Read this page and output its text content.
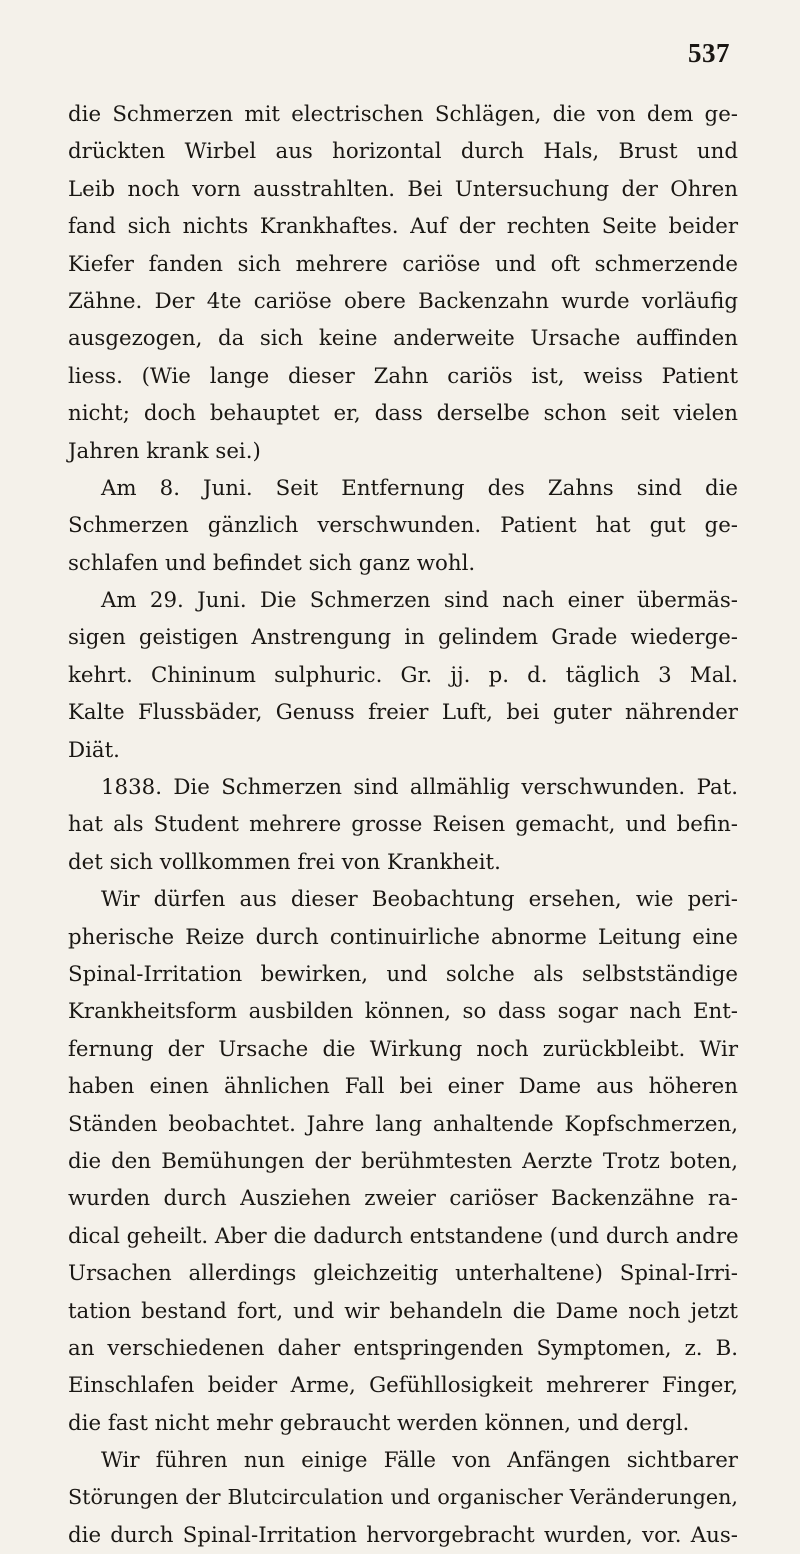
537
die Schmerzen mit electrischen Schlägen, die von dem ge-
drückten Wirbel aus horizontal durch Hals, Brust und
Leib noch vorn ausstrahlten. Bei Untersuchung der Ohren
fand sich nichts Krankhaftes. Auf der rechten Seite beider
Kiefer fanden sich mehrere cariöse und oft schmerzende
Zähne. Der 4te cariöse obere Backenzahn wurde vorläufig
ausgezogen, da sich keine anderweite Ursache auffinden
liess. (Wie lange dieser Zahn cariös ist, weiss Patient
nicht; doch behauptet er, dass derselbe schon seit vielen
Jahren krank sei.)
Am 8. Juni. Seit Entfernung des Zahns sind die
Schmerzen gänzlich verschwunden. Patient hat gut ge-
schlafen und befindet sich ganz wohl.
Am 29. Juni. Die Schmerzen sind nach einer übermäs-
sigen geistigen Anstrengung in gelindem Grade wiederge-
kehrt. Chininum sulphuric. Gr. jj. p. d. täglich 3 Mal.
Kalte Flussbäder, Genuss freier Luft, bei guter nährender
Diät.
1838. Die Schmerzen sind allmählig verschwunden. Pat.
hat als Student mehrere grosse Reisen gemacht, und befin-
det sich vollkommen frei von Krankheit.
Wir dürfen aus dieser Beobachtung ersehen, wie peri-
pherische Reize durch continuirliche abnorme Leitung eine
Spinal-Irritation bewirken, und solche als selbstständige
Krankheitsform ausbilden können, so dass sogar nach Ent-
fernung der Ursache die Wirkung noch zurückbleibt. Wir
haben einen ähnlichen Fall bei einer Dame aus höheren
Ständen beobachtet. Jahre lang anhaltende Kopfschmerzen,
die den Bemühungen der berühmtesten Aerzte Trotz boten,
wurden durch Ausziehen zweier cariöser Backenzähne ra-
dical geheilt. Aber die dadurch entstandene (und durch andre
Ursachen allerdings gleichzeitig unterhaltene) Spinal-Irri-
tation bestand fort, und wir behandeln die Dame noch jetzt
an verschiedenen daher entspringenden Symptomen, z. B.
Einschlafen beider Arme, Gefühllosigkeit mehrerer Finger,
die fast nicht mehr gebraucht werden können, und dergl.
Wir führen nun einige Fälle von Anfängen sichtbarer
Störungen der Blutcirculation und organischer Veränderungen,
die durch Spinal-Irritation hervorgebracht wurden, vor. Aus-
